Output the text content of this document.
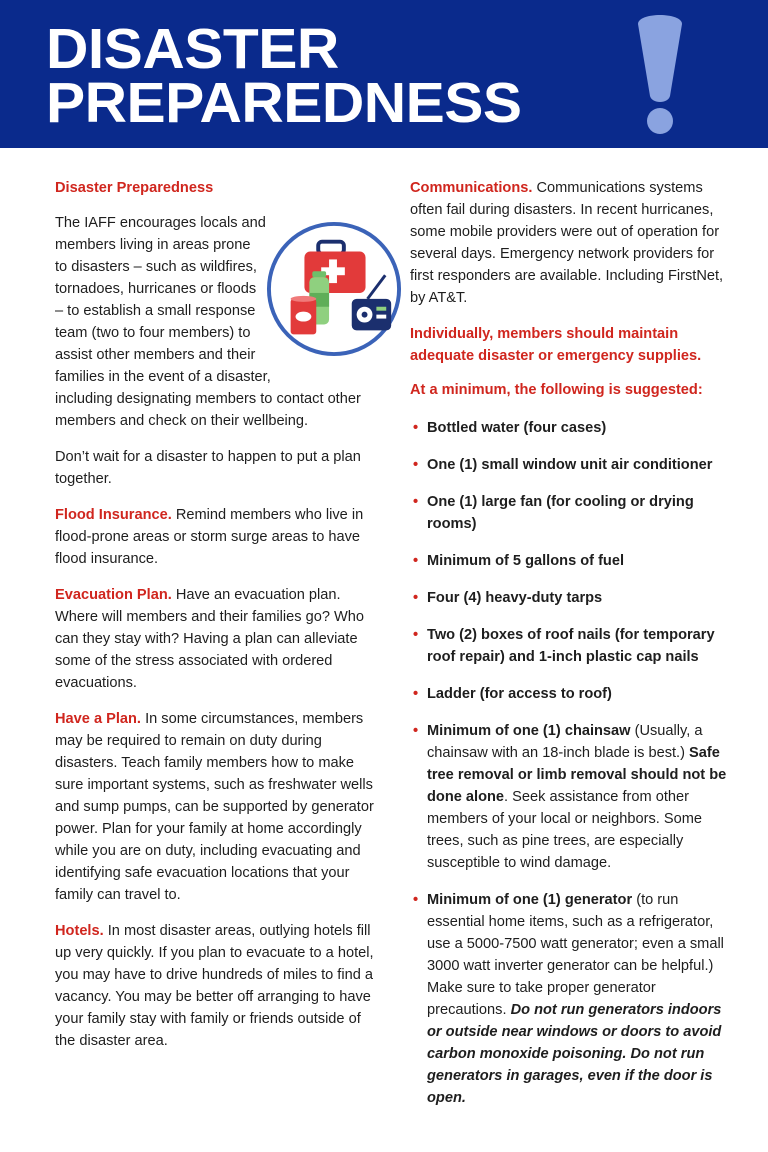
DISASTER
PREPAREDNESS

Disaster Preparedness

The IAFF encourages locals and members living in areas prone to disasters – such as wildfires, tornadoes, hurricanes or floods – to establish a small response team (two to four members) to assist other members and their families in the event of a disaster, including designating members to contact other members and check on their wellbeing.

Don’t wait for a disaster to happen to put a plan together.

Flood Insurance. Remind members who live in flood-prone areas or storm surge areas to have flood insurance.

Evacuation Plan. Have an evacuation plan. Where will members and their families go? Who can they stay with? Having a plan can alleviate some of the stress associated with ordered evacuations.

Have a Plan. In some circumstances, members may be required to remain on duty during disasters. Teach family members how to make sure important systems, such as freshwater wells and sump pumps, can be supported by generator power. Plan for your family at home accordingly while you are on duty, including evacuating and identifying safe evacuation locations that your family can travel to.

Hotels. In most disaster areas, outlying hotels fill up very quickly. If you plan to evacuate to a hotel, you may have to drive hundreds of miles to find a vacancy. You may be better off arranging to have your family stay with family or friends outside of the disaster area.

Communications. Communications systems often fail during disasters. In recent hurricanes, some mobile providers were out of operation for several days. Emergency network providers for first responders are available. Including FirstNet, by AT&T.

Individually, members should maintain adequate disaster or emergency supplies.

At a minimum, the following is suggested:

• Bottled water (four cases)
• One (1) small window unit air conditioner
• One (1) large fan (for cooling or drying rooms)
• Minimum of 5 gallons of fuel
• Four (4) heavy-duty tarps
• Two (2) boxes of roof nails (for temporary roof repair) and 1-inch plastic cap nails
• Ladder (for access to roof)
• Minimum of one (1) chainsaw (Usually, a chainsaw with an 18-inch blade is best.) Safe tree removal or limb removal should not be done alone. Seek assistance from other members of your local or neighbors. Some trees, such as pine trees, are especially susceptible to wind damage.
• Minimum of one (1) generator (to run essential home items, such as a refrigerator, use a 5000-7500 watt generator; even a small 3000 watt inverter generator can be helpful.) Make sure to take proper generator precautions. Do not run generators indoors or outside near windows or doors to avoid carbon monoxide poisoning. Do not run generators in garages, even if the door is open.
